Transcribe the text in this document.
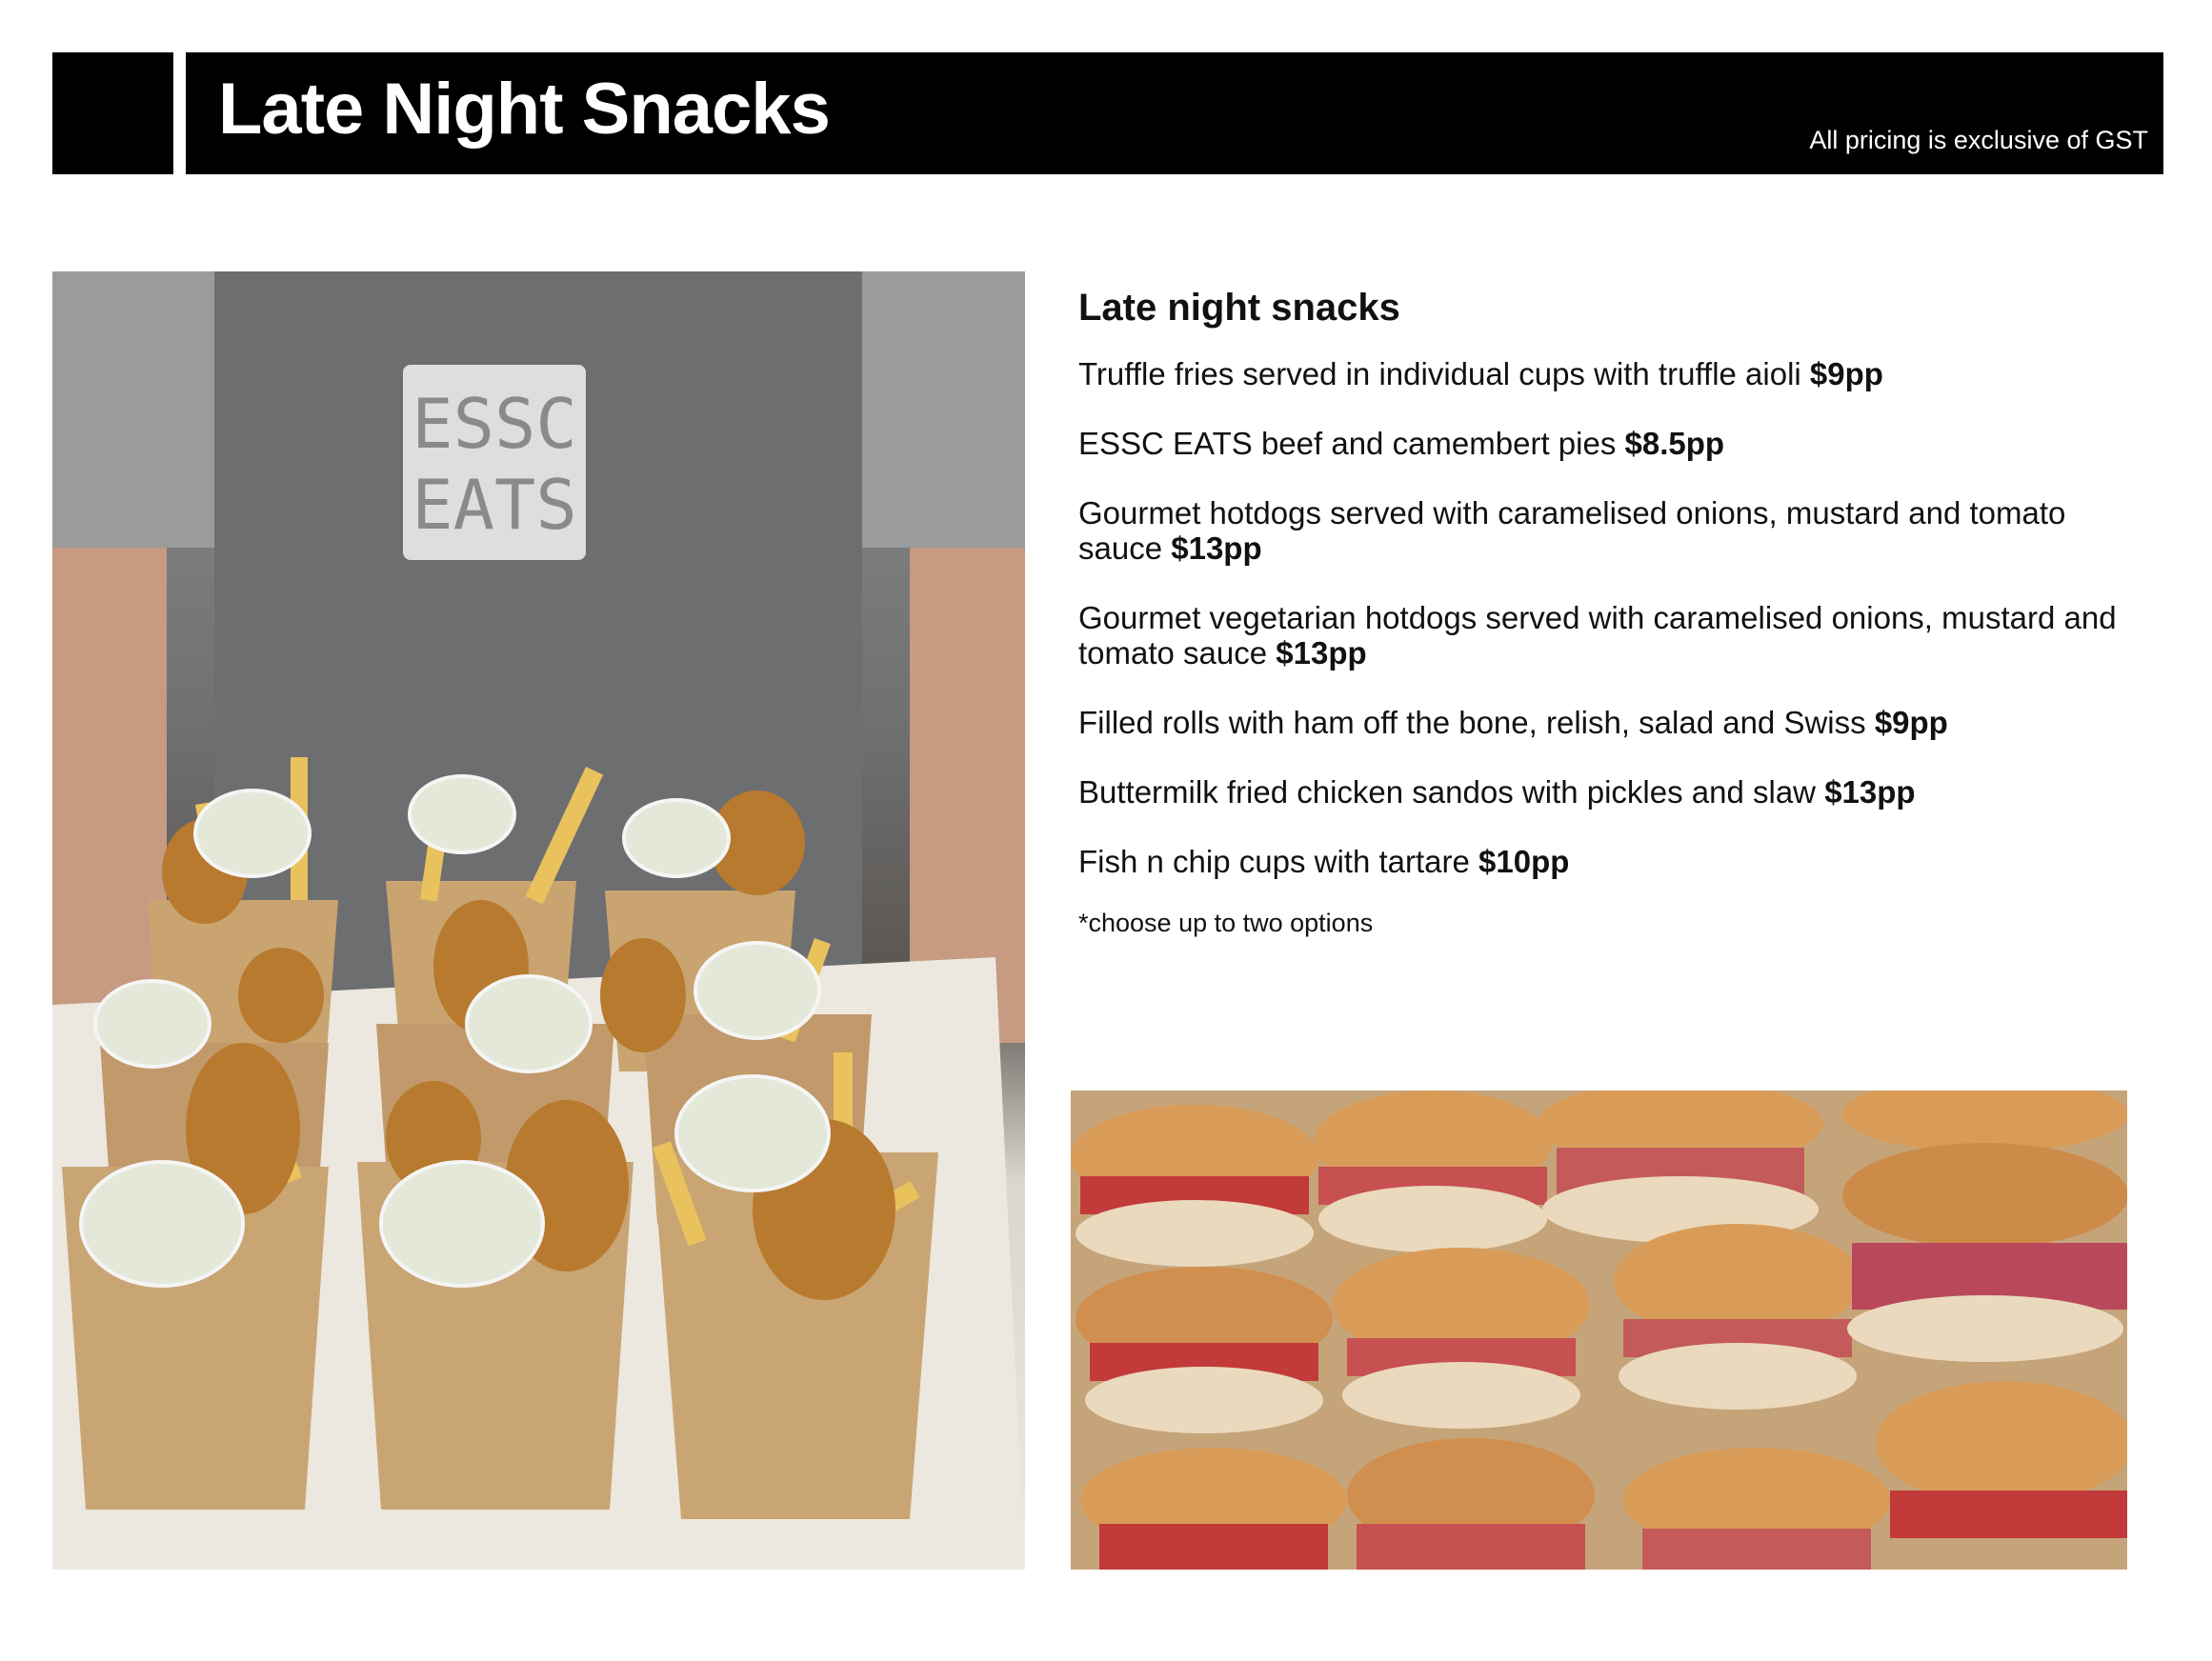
Late Night Snacks	All pricing is exclusive of GST
ESSC
EATS
Late night snacks

Truffle fries served in individual cups with truffle aioli $9pp

ESSC EATS beef and camembert pies $8.5pp

Gourmet hotdogs served with caramelised onions, mustard and tomato sauce $13pp

Gourmet vegetarian hotdogs served with caramelised onions, mustard and tomato sauce $13pp

Filled rolls with ham off the bone, relish, salad and Swiss $9pp

Buttermilk fried chicken sandos with pickles and slaw $13pp

Fish n chip cups with tartare $10pp

*choose up to two options
